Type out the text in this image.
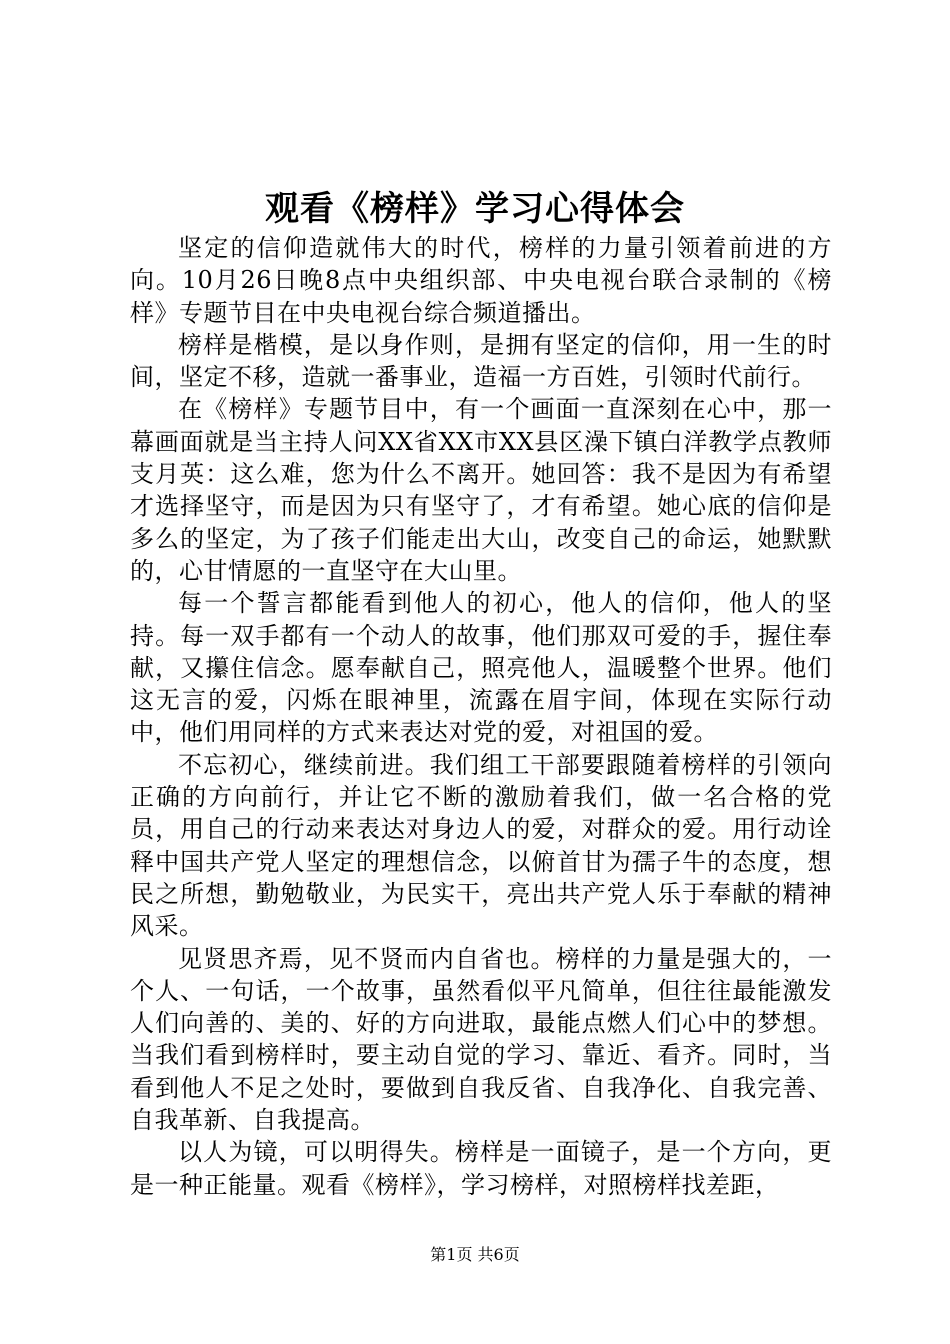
观看《榜样》学习心得体会

坚定的信仰造就伟大的时代，榜样的力量引领着前进的方向。10月26日晚8点中央组织部、中央电视台联合录制的《榜样》专题节目在中央电视台综合频道播出。

榜样是楷模，是以身作则，是拥有坚定的信仰，用一生的时间，坚定不移，造就一番事业，造福一方百姓，引领时代前行。

在《榜样》专题节目中，有一个画面一直深刻在心中，那一幕画面就是当主持人问XX省XX市XX县区澡下镇白洋教学点教师支月英：这么难，您为什么不离开。她回答：我不是因为有希望才选择坚守，而是因为只有坚守了，才有希望。她心底的信仰是多么的坚定，为了孩子们能走出大山，改变自己的命运，她默默的，心甘情愿的一直坚守在大山里。

每一个誓言都能看到他人的初心，他人的信仰，他人的坚持。每一双手都有一个动人的故事，他们那双可爱的手，握住奉献，又攥住信念。愿奉献自己，照亮他人，温暖整个世界。他们这无言的爱，闪烁在眼神里，流露在眉宇间，体现在实际行动中，他们用同样的方式来表达对党的爱，对祖国的爱。

不忘初心，继续前进。我们组工干部要跟随着榜样的引领向正确的方向前行，并让它不断的激励着我们，做一名合格的党员，用自己的行动来表达对身边人的爱，对群众的爱。用行动诠释中国共产党人坚定的理想信念，以俯首甘为孺子牛的态度，想民之所想，勤勉敬业，为民实干，亮出共产党人乐于奉献的精神风采。

见贤思齐焉，见不贤而内自省也。榜样的力量是强大的，一个人、一句话，一个故事，虽然看似平凡简单，但往往最能激发人们向善的、美的、好的方向进取，最能点燃人们心中的梦想。当我们看到榜样时，要主动自觉的学习、靠近、看齐。同时，当看到他人不足之处时，要做到自我反省、自我净化、自我完善、自我革新、自我提高。

以人为镜，可以明得失。榜样是一面镜子，是一个方向，更是一种正能量。观看《榜样》，学习榜样，对照榜样找差距，

第1页 共6页
